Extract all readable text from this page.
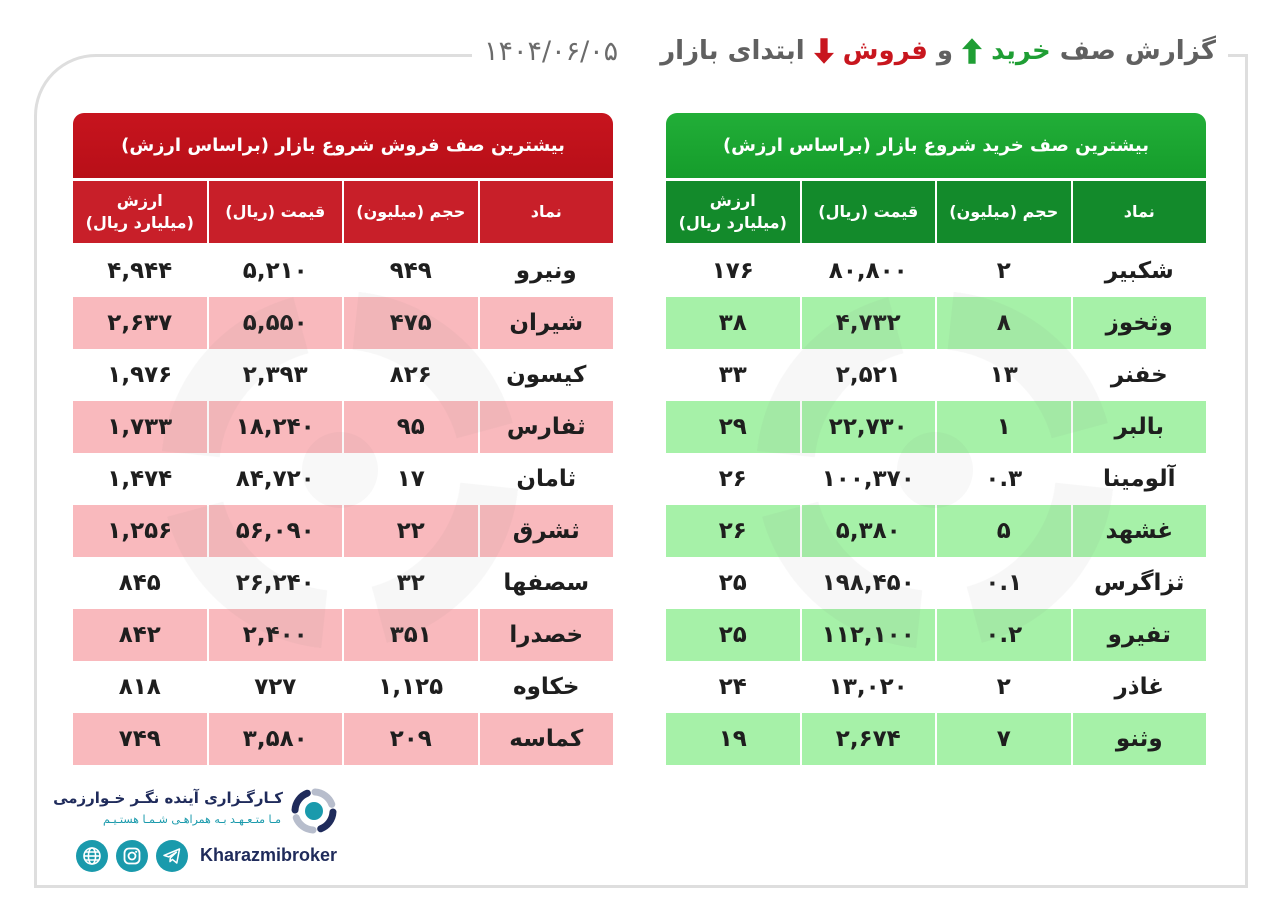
گزارش صف
خرید
و
فروش
ابتدای بازار
۱۴۰۴/۰۶/۰۵
بیشترین صف خرید شروع بازار (براساس ارزش)
نماد
حجم (میلیون)
قیمت (ریال)
ارزش
(میلیارد ریال)
شکبیر
۲
۸۰,۸۰۰
۱۷۶
وثخوز
۸
۴,۷۳۲
۳۸
خفنر
۱۳
۲,۵۲۱
۳۳
بالبر
۱
۲۲,۷۳۰
۲۹
آلومینا
۰.۳
۱۰۰,۳۷۰
۲۶
غشهد
۵
۵,۳۸۰
۲۶
ثزاگرس
۰.۱
۱۹۸,۴۵۰
۲۵
تفیرو
۰.۲
۱۱۲,۱۰۰
۲۵
غاذر
۲
۱۳,۰۲۰
۲۴
وثنو
۷
۲,۶۷۴
۱۹
بیشترین صف فروش شروع بازار (براساس ارزش)
نماد
حجم (میلیون)
قیمت (ریال)
ارزش
(میلیارد ریال)
ونیرو
۹۴۹
۵,۲۱۰
۴,۹۴۴
شیران
۴۷۵
۵,۵۵۰
۲,۶۳۷
کیسون
۸۲۶
۲,۳۹۳
۱,۹۷۶
ثفارس
۹۵
۱۸,۲۴۰
۱,۷۳۳
ثامان
۱۷
۸۴,۷۲۰
۱,۴۷۴
ثشرق
۲۲
۵۶,۰۹۰
۱,۲۵۶
سصفها
۳۲
۲۶,۲۴۰
۸۴۵
خصدرا
۳۵۱
۲,۴۰۰
۸۴۲
خکاوه
۱,۱۲۵
۷۲۷
۸۱۸
کماسه
۲۰۹
۳,۵۸۰
۷۴۹
کـارگـزاری آینده نگـر خـوارزمی
مـا متـعـهـد بـه همراهـی شـمـا هستـیـم
Kharazmibroker
